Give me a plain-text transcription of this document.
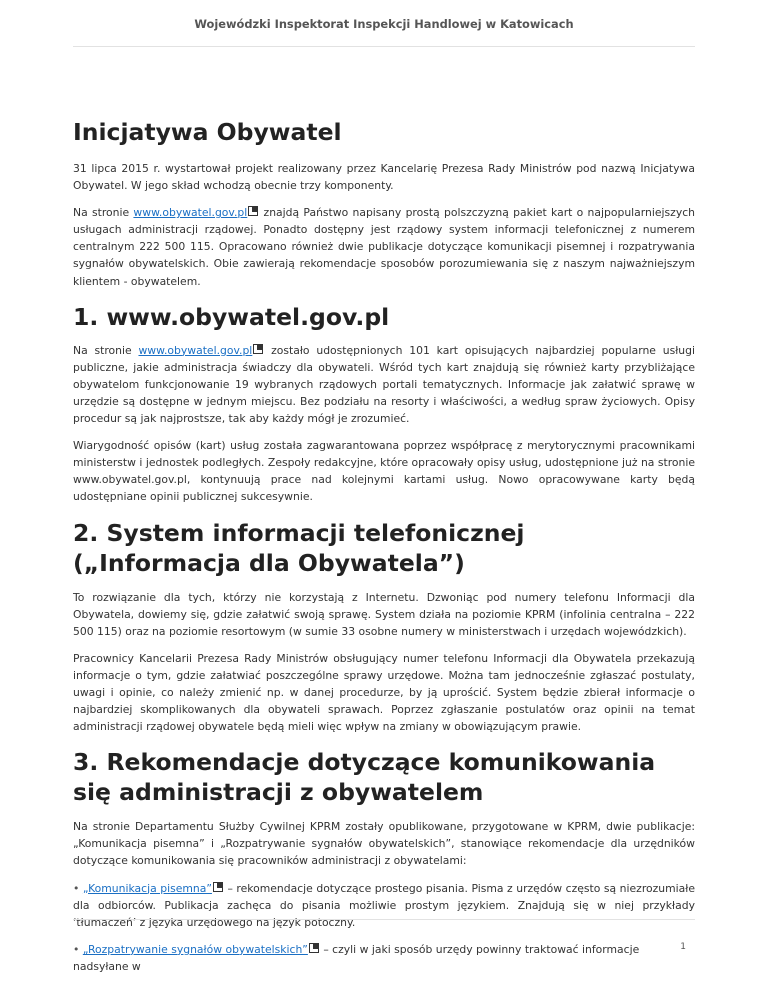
Wojewódzki Inspektorat Inspekcji Handlowej w Katowicach
Inicjatywa Obywatel

31 lipca 2015 r. wystartował projekt realizowany przez Kancelarię Prezesa Rady Ministrów pod nazwą Inicjatywa Obywatel. W jego skład wchodzą obecnie trzy komponenty.

Na stronie www.obywatel.gov.pl znajdą Państwo napisany prostą polszczyzną pakiet kart o najpopularniejszych usługach administracji rządowej. Ponadto dostępny jest rządowy system informacji telefonicznej z numerem centralnym 222 500 115. Opracowano również dwie publikacje dotyczące komunikacji pisemnej i rozpatrywania sygnałów obywatelskich. Obie zawierają rekomendacje sposobów porozumiewania się z naszym najważniejszym klientem - obywatelem.

1. www.obywatel.gov.pl

Na stronie www.obywatel.gov.pl zostało udostępnionych 101 kart opisujących najbardziej popularne usługi publiczne, jakie administracja świadczy dla obywateli. Wśród tych kart znajdują się również karty przybliżające obywatelom funkcjonowanie 19 wybranych rządowych portali tematycznych. Informacje jak załatwić sprawę w urzędzie są dostępne w jednym miejscu. Bez podziału na resorty i właściwości, a według spraw życiowych. Opisy procedur są jak najprostsze, tak aby każdy mógł je zrozumieć.

Wiarygodność opisów (kart) usług została zagwarantowana poprzez współpracę z merytorycznymi pracownikami ministerstw i jednostek podległych. Zespoły redakcyjne, które opracowały opisy usług, udostępnione już na stronie www.obywatel.gov.pl, kontynuują prace nad kolejnymi kartami usług. Nowo opracowywane karty będą udostępniane opinii publicznej sukcesywnie.

2. System informacji telefonicznej („Informacja dla Obywatela”)

To rozwiązanie dla tych, którzy nie korzystają z Internetu. Dzwoniąc pod numery telefonu Informacji dla Obywatela, dowiemy się, gdzie załatwić swoją sprawę. System działa na poziomie KPRM (infolinia centralna – 222 500 115) oraz na poziomie resortowym (w sumie 33 osobne numery w ministerstwach i urzędach wojewódzkich).

Pracownicy Kancelarii Prezesa Rady Ministrów obsługujący numer telefonu Informacji dla Obywatela przekazują informacje o tym, gdzie załatwiać poszczególne sprawy urzędowe. Można tam jednocześnie zgłaszać postulaty, uwagi i opinie, co należy zmienić np. w danej procedurze, by ją uprościć. System będzie zbierał informacje o najbardziej skomplikowanych dla obywateli sprawach. Poprzez zgłaszanie postulatów oraz opinii na temat administracji rządowej obywatele będą mieli więc wpływ na zmiany w obowiązującym prawie.

3. Rekomendacje dotyczące komunikowania się administracji z obywatelem

Na stronie Departamentu Służby Cywilnej KPRM zostały opublikowane, przygotowane w KPRM, dwie publikacje: „Komunikacja pisemna” i „Rozpatrywanie sygnałów obywatelskich”, stanowiące rekomendacje dla urzędników dotyczące komunikowania się pracowników administracji z obywatelami:

• „Komunikacja pisemna” – rekomendacje dotyczące prostego pisania. Pisma z urzędów często są niezrozumiałe dla odbiorców. Publikacja zachęca do pisania możliwie prostym językiem. Znajdują się w niej przykłady ‘tłumaczeń’ z języka urzędowego na język potoczny.

• „Rozpatrywanie sygnałów obywatelskich” – czyli w jaki sposób urzędy powinny traktować informacje nadsyłane w

1
